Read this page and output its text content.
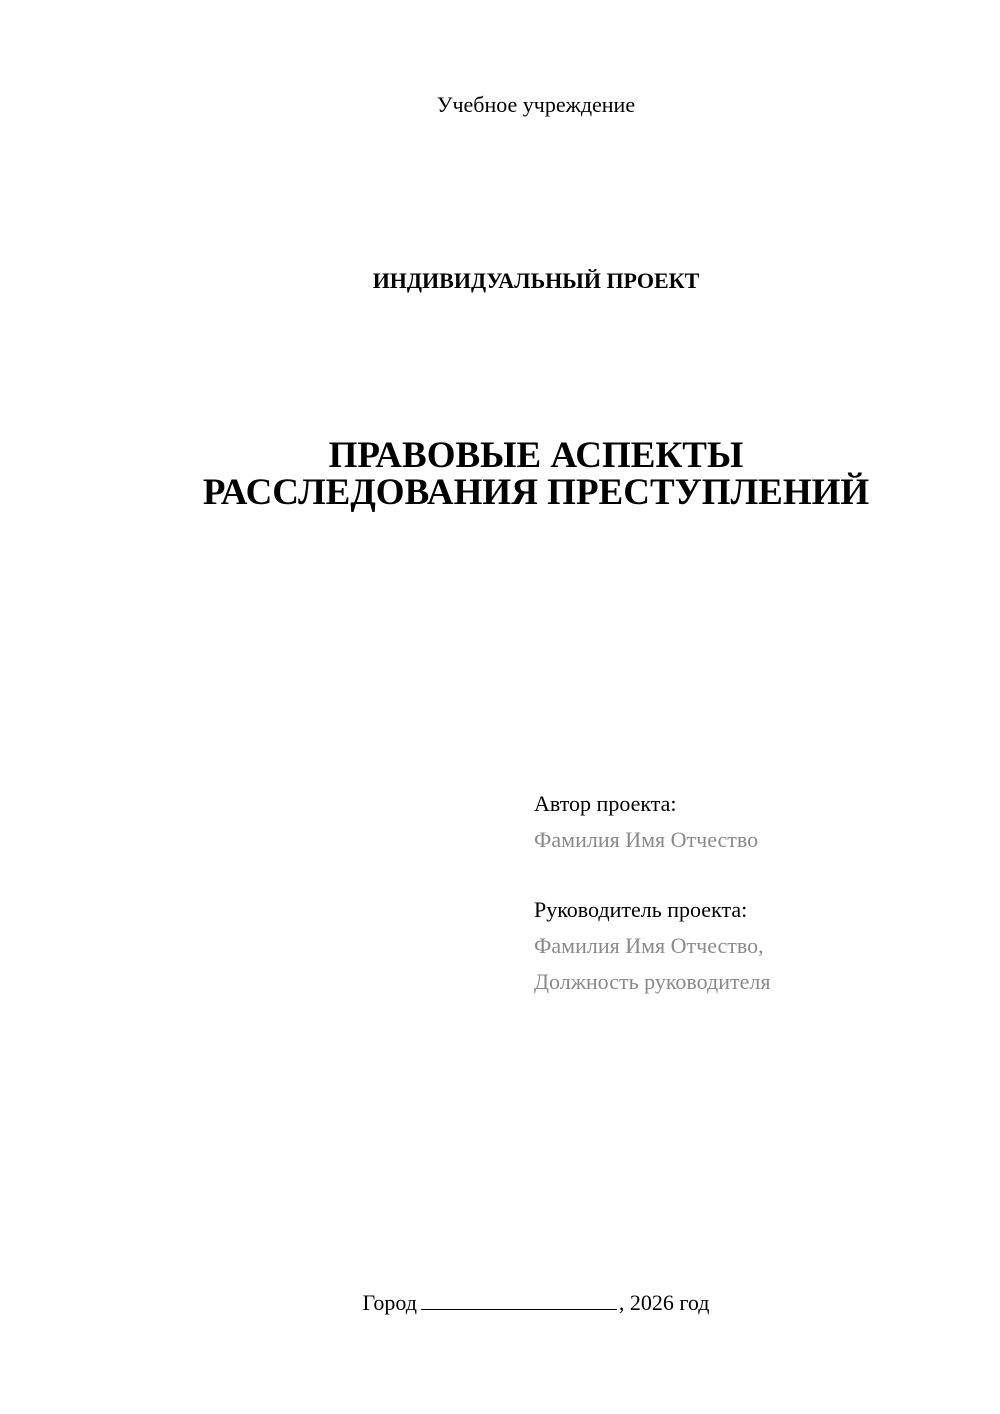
Учебное учреждение
ИНДИВИДУАЛЬНЫЙ ПРОЕКТ
ПРАВОВЫЕ АСПЕКТЫ
РАССЛЕДОВАНИЯ ПРЕСТУПЛЕНИЙ
Автор проекта:
Фамилия Имя Отчество
Руководитель проекта:
Фамилия Имя Отчество,
Должность руководителя
Город	, 2026 год
